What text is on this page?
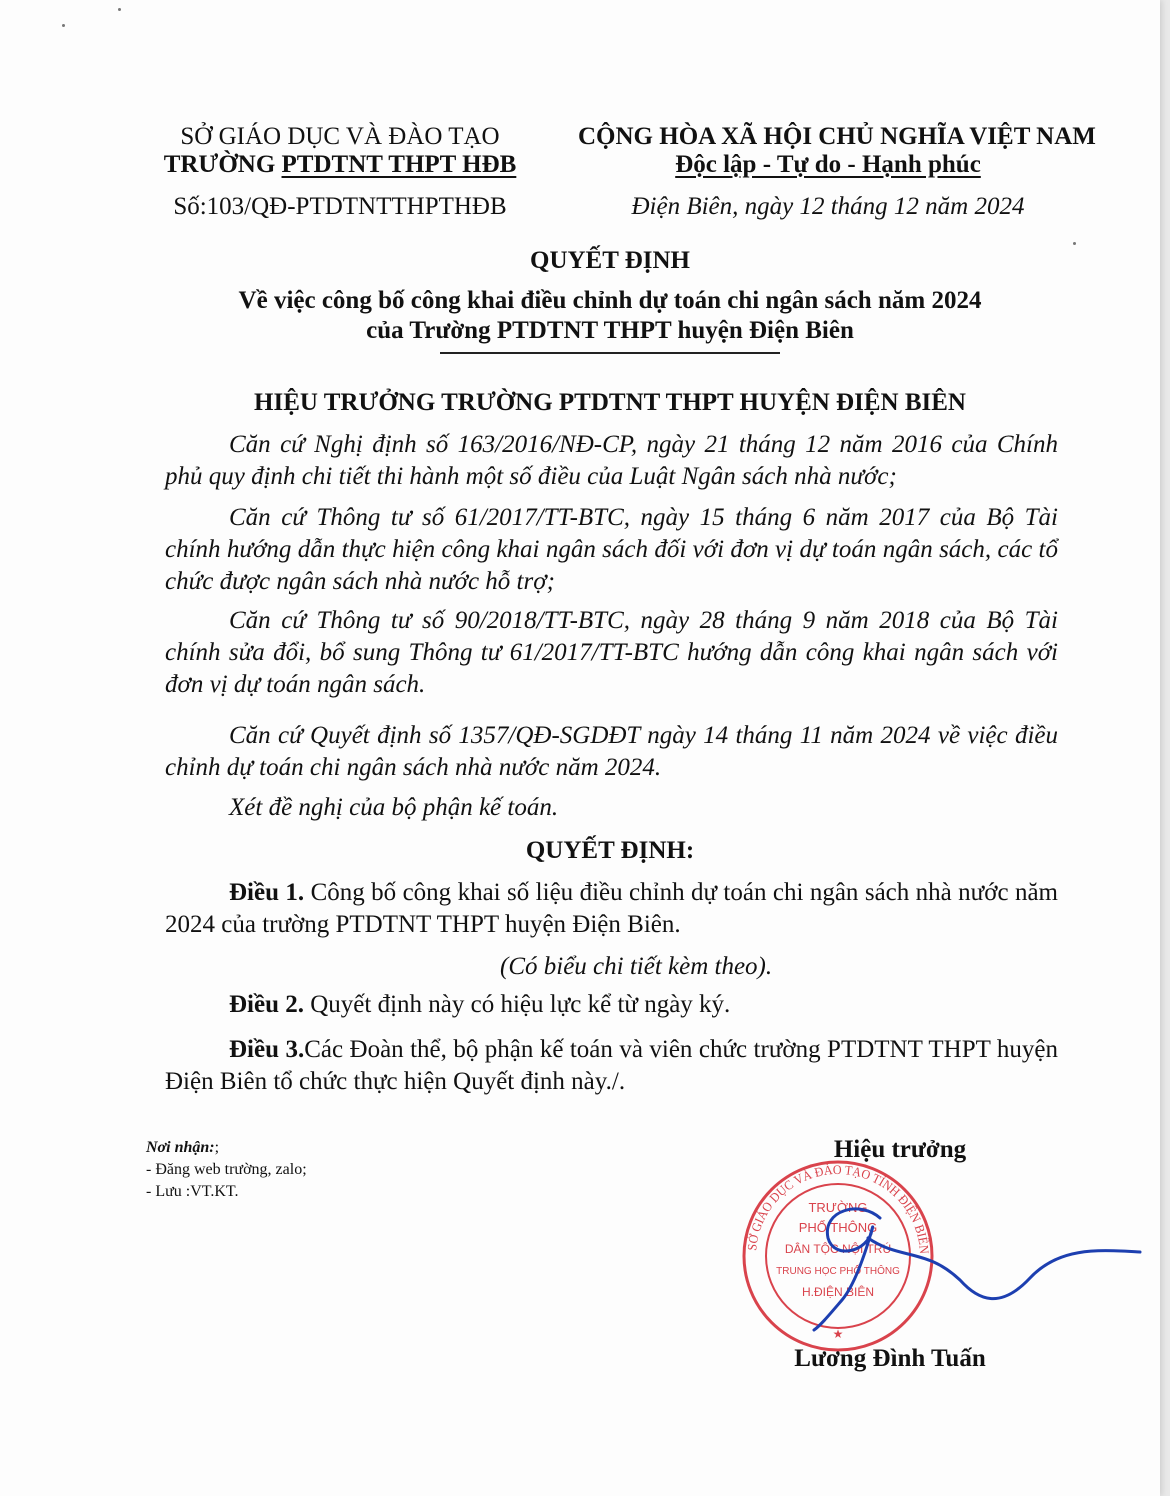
SỞ GIÁO DỤC VÀ ĐÀO TẠO
TRƯỜNG PTDTNT THPT HĐB
Số:103/QĐ-PTDTNTTHPTHĐB
CỘNG HÒA XÃ HỘI CHỦ NGHĨA VIỆT NAM
Độc lập - Tự do - Hạnh phúc
Điện Biên, ngày 12 tháng 12 năm 2024
QUYẾT ĐỊNH
Về việc công bố công khai điều chỉnh dự toán chi ngân sách năm 2024
của Trường PTDTNT THPT huyện Điện Biên
HIỆU TRƯỞNG TRƯỜNG PTDTNT THPT HUYỆN ĐIỆN BIÊN
Căn cứ Nghị định số 163/2016/NĐ-CP, ngày 21 tháng 12 năm 2016 của Chính phủ quy định chi tiết thi hành một số điều của Luật Ngân sách nhà nước;
Căn cứ Thông tư số 61/2017/TT-BTC, ngày 15 tháng 6 năm 2017 của Bộ Tài chính hướng dẫn thực hiện công khai ngân sách đối với đơn vị dự toán ngân sách, các tổ chức được ngân sách nhà nước hỗ trợ;
Căn cứ Thông tư số 90/2018/TT-BTC, ngày 28 tháng 9 năm 2018 của Bộ Tài chính sửa đổi, bổ sung Thông tư 61/2017/TT-BTC hướng dẫn công khai ngân sách với đơn vị dự toán ngân sách.
Căn cứ Quyết định số 1357/QĐ-SGDĐT ngày 14 tháng 11 năm 2024 về việc điều chỉnh dự toán chi ngân sách nhà nước năm 2024.
Xét đề nghị của bộ phận kế toán.
QUYẾT ĐỊNH:
Điều 1. Công bố công khai số liệu điều chỉnh dự toán chi ngân sách nhà nước năm 2024 của trường PTDTNT THPT huyện Điện Biên.
(Có biểu chi tiết kèm theo).
Điều 2. Quyết định này có hiệu lực kể từ ngày ký.
Điều 3.Các Đoàn thể, bộ phận kế toán và viên chức trường PTDTNT THPT huyện Điện Biên tổ chức thực hiện Quyết định này./.
Nơi nhận:;
- Đăng web trường, zalo;
- Lưu :VT.KT.
Hiệu trưởng
SỞ GIÁO DỤC VÀ ĐÀO TẠO TỈNH ĐIỆN BIÊN
TRƯỜNG
PHỔ THÔNG
DÂN TỘC NỘI TRÚ
TRUNG HỌC PHỔ THÔNG
H.ĐIỆN BIÊN
★
Lương Đình Tuấn
